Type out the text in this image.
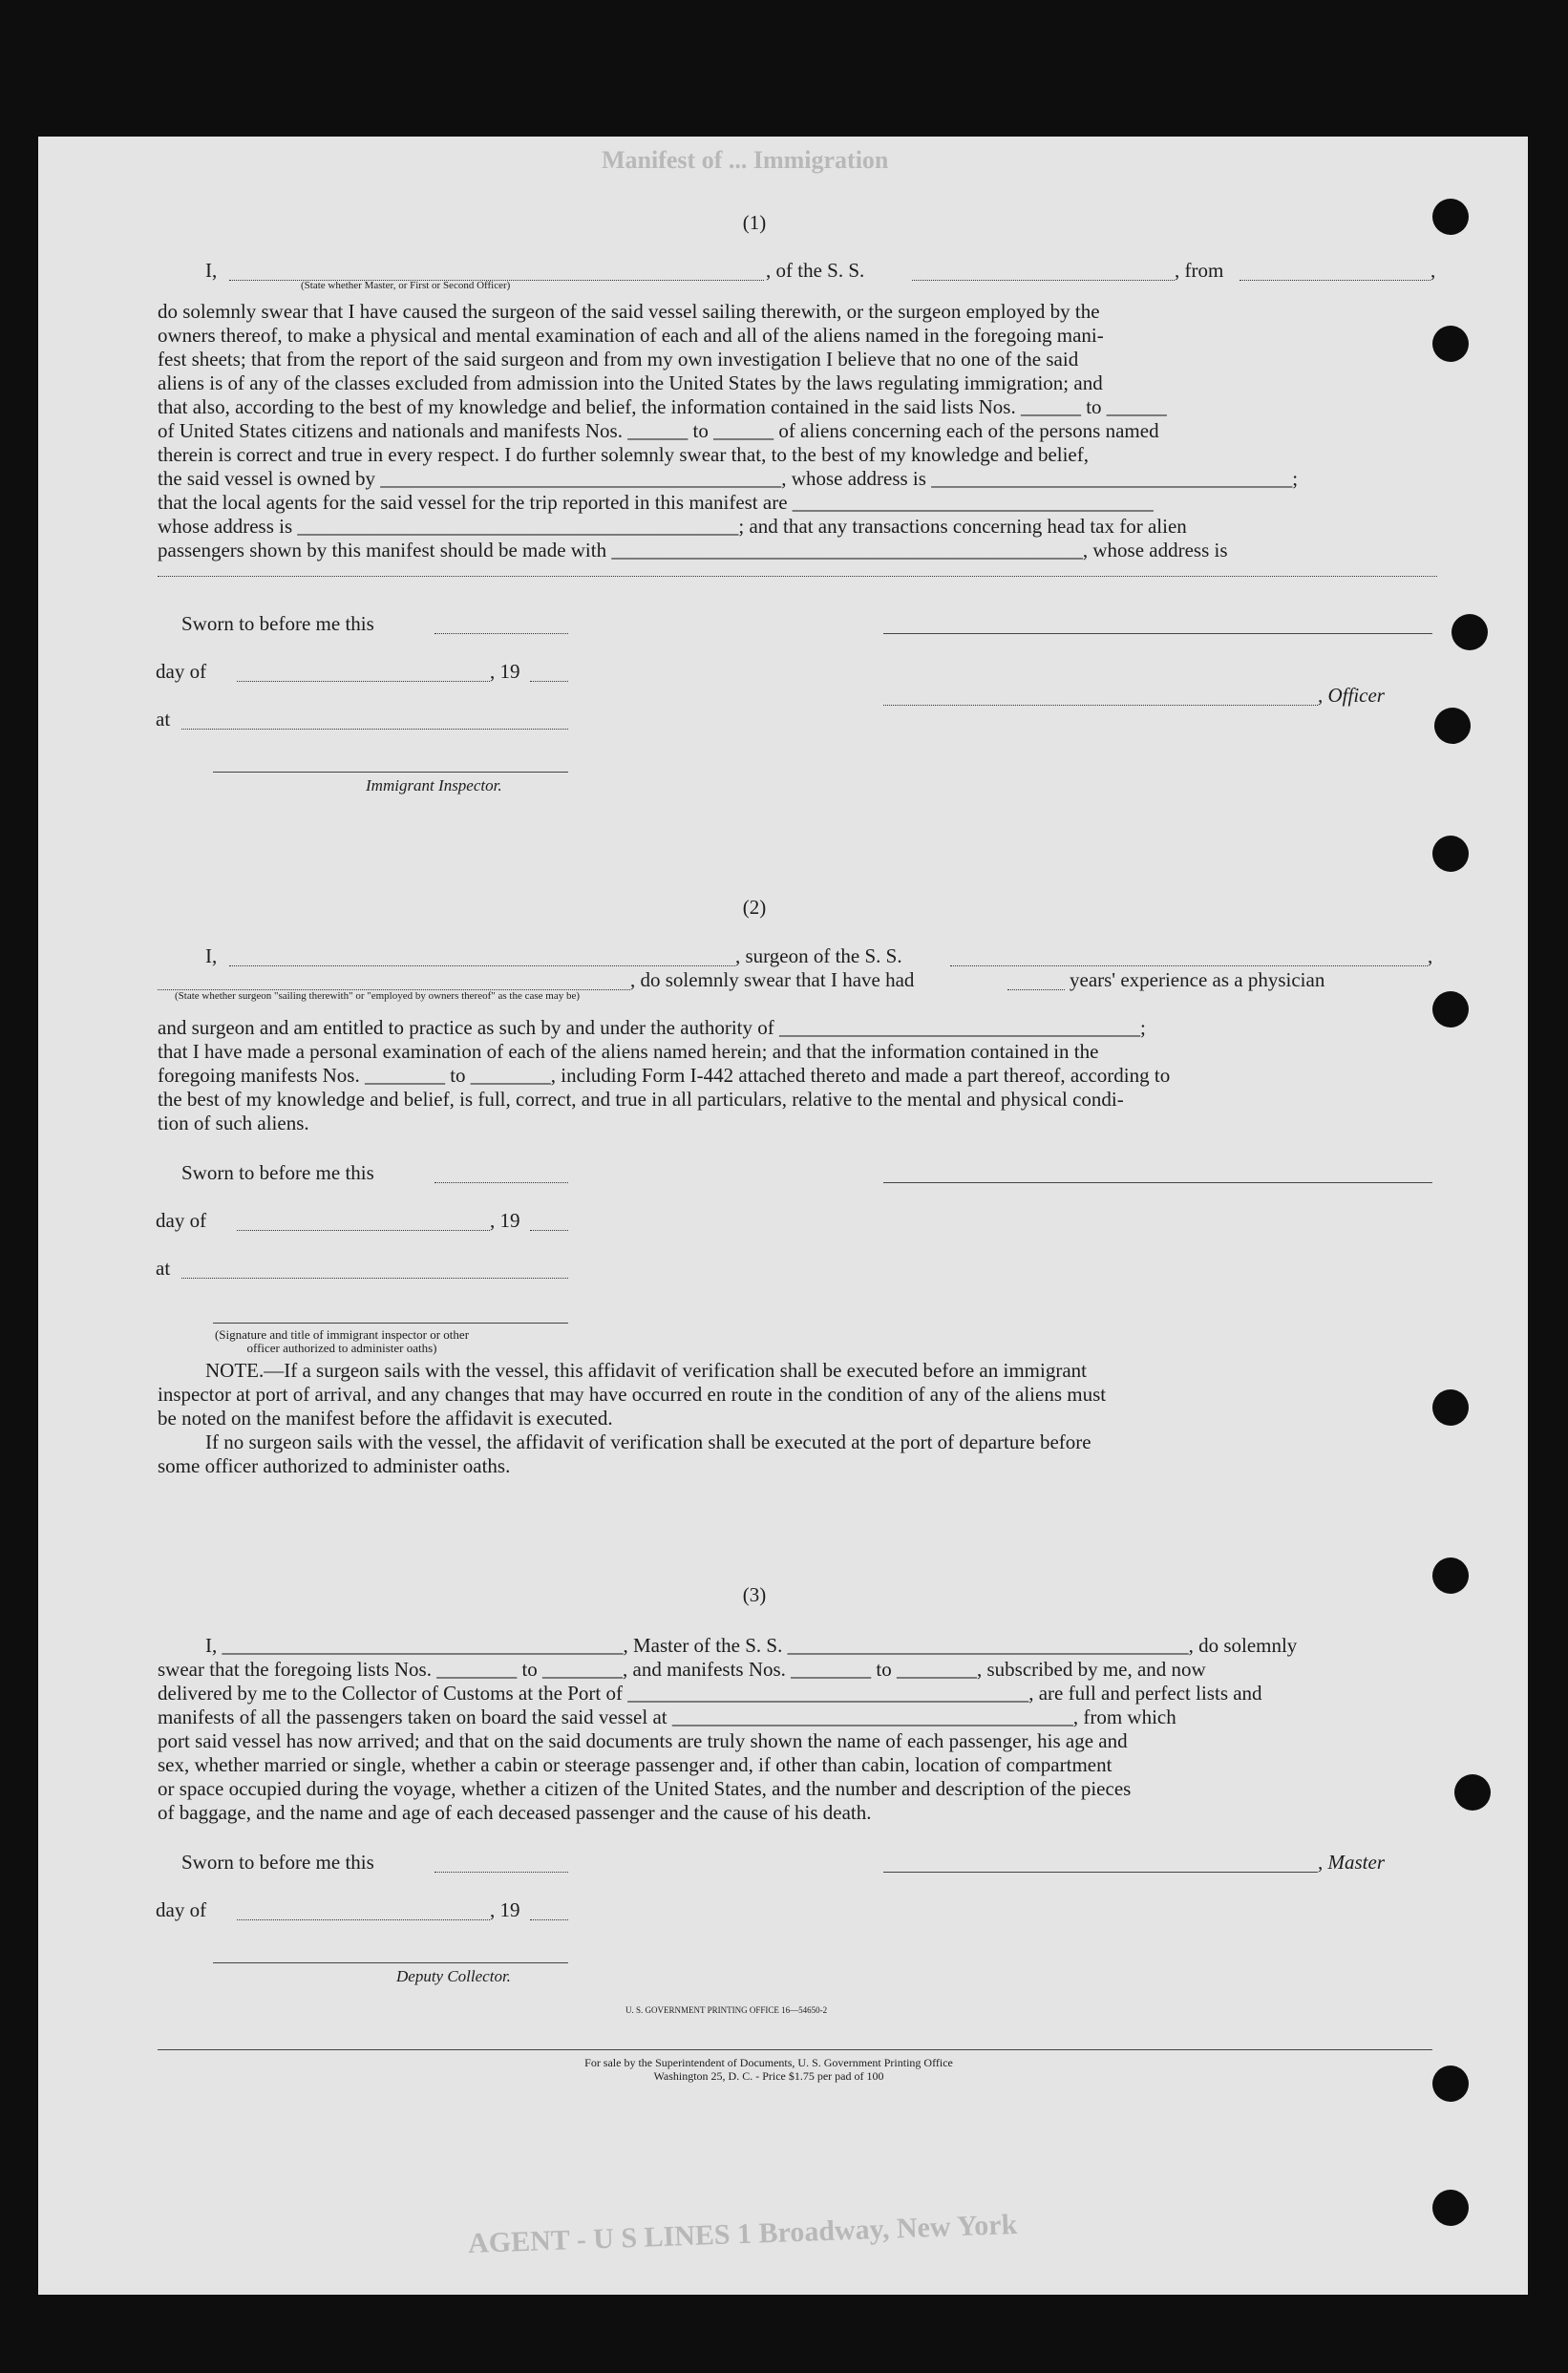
Manifest of ... Immigration
(1)
I,
(State whether Master, or First or Second Officer)
, of the S. S.	, from	,
do solemnly swear that I have caused the surgeon of the said vessel sailing therewith, or the surgeon employed by the
owners thereof, to make a physical and mental examination of each and all of the aliens named in the foregoing mani-
fest sheets; that from the report of the said surgeon and from my own investigation I believe that no one of the said
aliens is of any of the classes excluded from admission into the United States by the laws regulating immigration; and
that also, according to the best of my knowledge and belief, the information contained in the said lists Nos. ______ to ______
of United States citizens and nationals and manifests Nos. ______ to ______ of aliens concerning each of the persons named
therein is correct and true in every respect. I do further solemnly swear that, to the best of my knowledge and belief,
the said vessel is owned by ________________________________________, whose address is ____________________________________;
that the local agents for the said vessel for the trip reported in this manifest are ____________________________________
whose address is ____________________________________________; and that any transactions concerning head tax for alien
passengers shown by this manifest should be made with _______________________________________________, whose address is
Sworn to before me this
day of	, 19
, Officer
at
Immigrant Inspector.
(2)
I,	, surgeon of the S. S.	,
, do solemnly swear that I have had	years' experience as a physician
(State whether surgeon "sailing therewith" or "employed by owners thereof" as the case may be)
and surgeon and am entitled to practice as such by and under the authority of ____________________________________;
that I have made a personal examination of each of the aliens named herein; and that the information contained in the
foregoing manifests Nos. ________ to ________, including Form I-442 attached thereto and made a part thereof, according to
the best of my knowledge and belief, is full, correct, and true in all particulars, relative to the mental and physical condi-
tion of such aliens.
Sworn to before me this
day of	, 19
at
(Signature and title of immigrant inspector or other officer authorized to administer oaths)
NOTE.—If a surgeon sails with the vessel, this affidavit of verification shall be executed before an immigrant
inspector at port of arrival, and any changes that may have occurred en route in the condition of any of the aliens must
be noted on the manifest before the affidavit is executed.
If no surgeon sails with the vessel, the affidavit of verification shall be executed at the port of departure before
some officer authorized to administer oaths.
(3)
I, ________________________________________, Master of the S. S. ________________________________________, do solemnly
swear that the foregoing lists Nos. ________ to ________, and manifests Nos. ________ to ________, subscribed by me, and now
delivered by me to the Collector of Customs at the Port of ________________________________________, are full and perfect lists and
manifests of all the passengers taken on board the said vessel at ________________________________________, from which
port said vessel has now arrived; and that on the said documents are truly shown the name of each passenger, his age and
sex, whether married or single, whether a cabin or steerage passenger and, if other than cabin, location of compartment
or space occupied during the voyage, whether a citizen of the United States, and the number and description of the pieces
of baggage, and the name and age of each deceased passenger and the cause of his death.
Sworn to before me this	, Master
day of	, 19
Deputy Collector.
U. S. GOVERNMENT PRINTING OFFICE 16—54650-2
For sale by the Superintendent of Documents, U. S. Government Printing Office
Washington 25, D. C. - Price $1.75 per pad of 100
AGENT - U S LINES 1 Broadway, New York
